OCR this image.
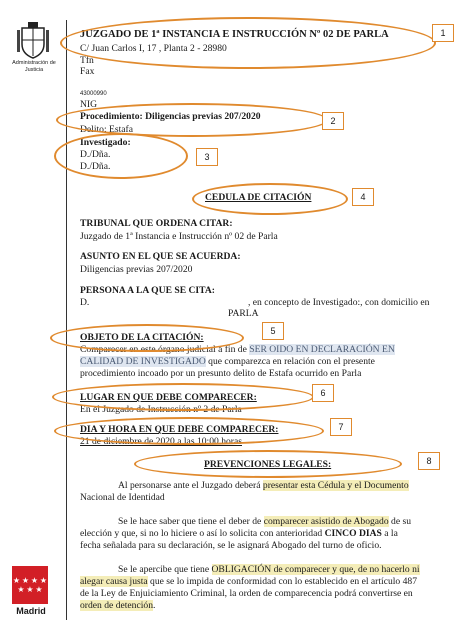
Administración de Justicia
★ ★ ★ ★
★ ★ ★
Madrid
JUZGADO DE 1ª INSTANCIA E INSTRUCCIÓN Nº 02 DE PARLA
C/ Juan Carlos I, 17 , Planta 2 - 28980
Tfn
Fax
43000990
NIG
Procedimiento: Diligencias previas 207/2020
Delito: Estafa
Investigado:
D./Dña.
D./Dña.
CEDULA DE CITACIÓN
TRIBUNAL QUE ORDENA CITAR:
Juzgado de 1ª Instancia e Instrucción nº 02 de Parla
ASUNTO EN EL QUE SE ACUERDA:
Diligencias previas 207/2020
PERSONA A LA QUE SE CITA:
D.	, en concepto de Investigado:, con domicilio en
PARLA
OBJETO DE LA CITACIÓN:
Comparecer en este órgano judicial a fin de SER OIDO EN DECLARACIÓN EN
CALIDAD DE INVESTIGADO que comparezca en relación con el presente
procedimiento incoado por un presunto delito de Estafa ocurrido en Parla
LUGAR EN QUE DEBE COMPARECER:
En el Juzgado de Instrucción nº 2 de Parla
DIA Y HORA EN QUE DEBE COMPARECER:
21 de diciembre de 2020 a las 10:00 horas
PREVENCIONES LEGALES:
Al personarse ante el Juzgado deberá presentar esta Cédula y el Documento
Nacional de Identidad
Se le hace saber que tiene el deber de comparecer asistido de Abogado de su
elección y que, si no lo hiciere o así lo solicita con anterioridad CINCO DIAS a la
fecha señalada para su declaración, se le asignará Abogado del turno de oficio.
Se le apercibe que tiene OBLIGACIÓN de comparecer y que, de no hacerlo ni
alegar causa justa que se lo impida de conformidad con lo establecido en el artículo 487
de la Ley de Enjuiciamiento Criminal, la orden de comparecencia podrá convertirse en
orden de detención.
1
2
3
4
5
6
7
8
